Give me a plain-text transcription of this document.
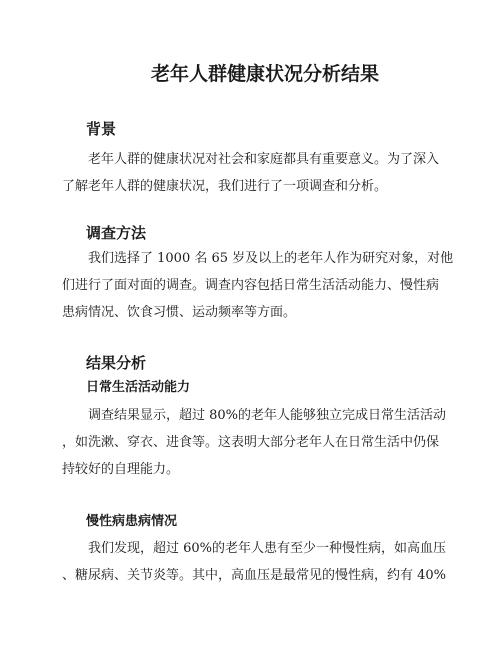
老年人群健康状况分析结果
背景

老年人群的健康状况对社会和家庭都具有重要意义。为了深入
了解老年人群的健康状况，我们进行了一项调查和分析。

调查方法

我们选择了 1000 名 65 岁及以上的老年人作为研究对象，对他
们进行了面对面的调查。调查内容包括日常生活活动能力、慢性病
患病情况、饮食习惯、运动频率等方面。

结果分析
日常生活活动能力

调查结果显示，超过 80%的老年人能够独立完成日常生活活动
，如洗漱、穿衣、进食等。这表明大部分老年人在日常生活中仍保
持较好的自理能力。

慢性病患病情况

我们发现，超过 60%的老年人患有至少一种慢性病，如高血压
、糖尿病、关节炎等。其中，高血压是最常见的慢性病，约有 40%
